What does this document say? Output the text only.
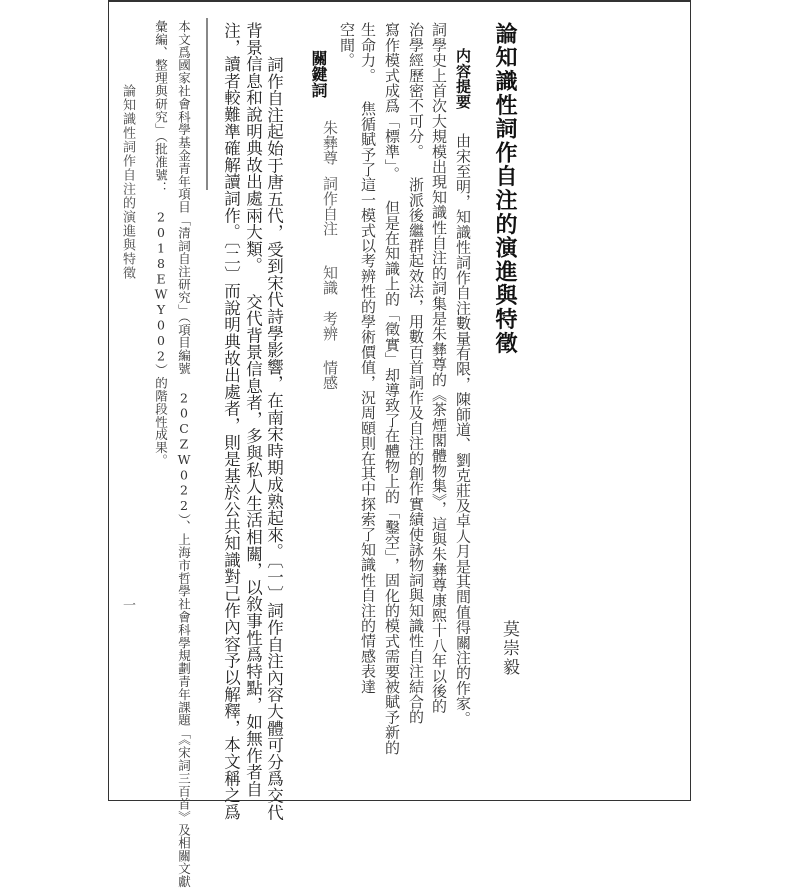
論知識性詞作自注的演進與特徵
莫崇毅
内容提要由宋至明，知識性詞作自注數量有限，陳師道、劉克莊及卓人月是其間值得關注的作家。
詞學史上首次大規模出現知識性自注的詞集是朱彝尊的《茶煙閣體物集》，這與朱彝尊康熙十八年以後的
治學經歷密不可分。 浙派後繼群起效法，用數百首詞作及自注的創作實績使詠物詞與知識性自注結合的
寫作模式成爲「標準」。 但是在知識上的「徵實」却導致了在體物上的「鑿空」，固化的模式需要被賦予新的
生命力。 焦循賦予了這一模式以考辨性的學術價值，況周頤則在其中探索了知識性自注的情感表達
空間。
關鍵詞
朱彝尊
詞作自注
知識
考辨
情感
詞作自注起始于唐五代，受到宋代詩學影響，在南宋時期成熟起來。〔一〕詞作自注內容大體可分爲交代
背景信息和說明典故出處兩大類。 交代背景信息者，多與私人生活相關，以敘事性爲特點，如無作者自
注，讀者較難準確解讀詞作。〔二〕而說明典故出處者，則是基於公共知識對己作內容予以解釋，本文稱之爲
本文爲國家社會科學基金青年項目「清詞自注研究」（項目編號 20CZW022）、上海市哲學社會科學規劃青年課題「《宋詞三百首》及相關文獻
彙編、整理與研究」（批准號： 2018EWY002）的階段性成果。
論知識性詞作自注的演進與特徵
一
